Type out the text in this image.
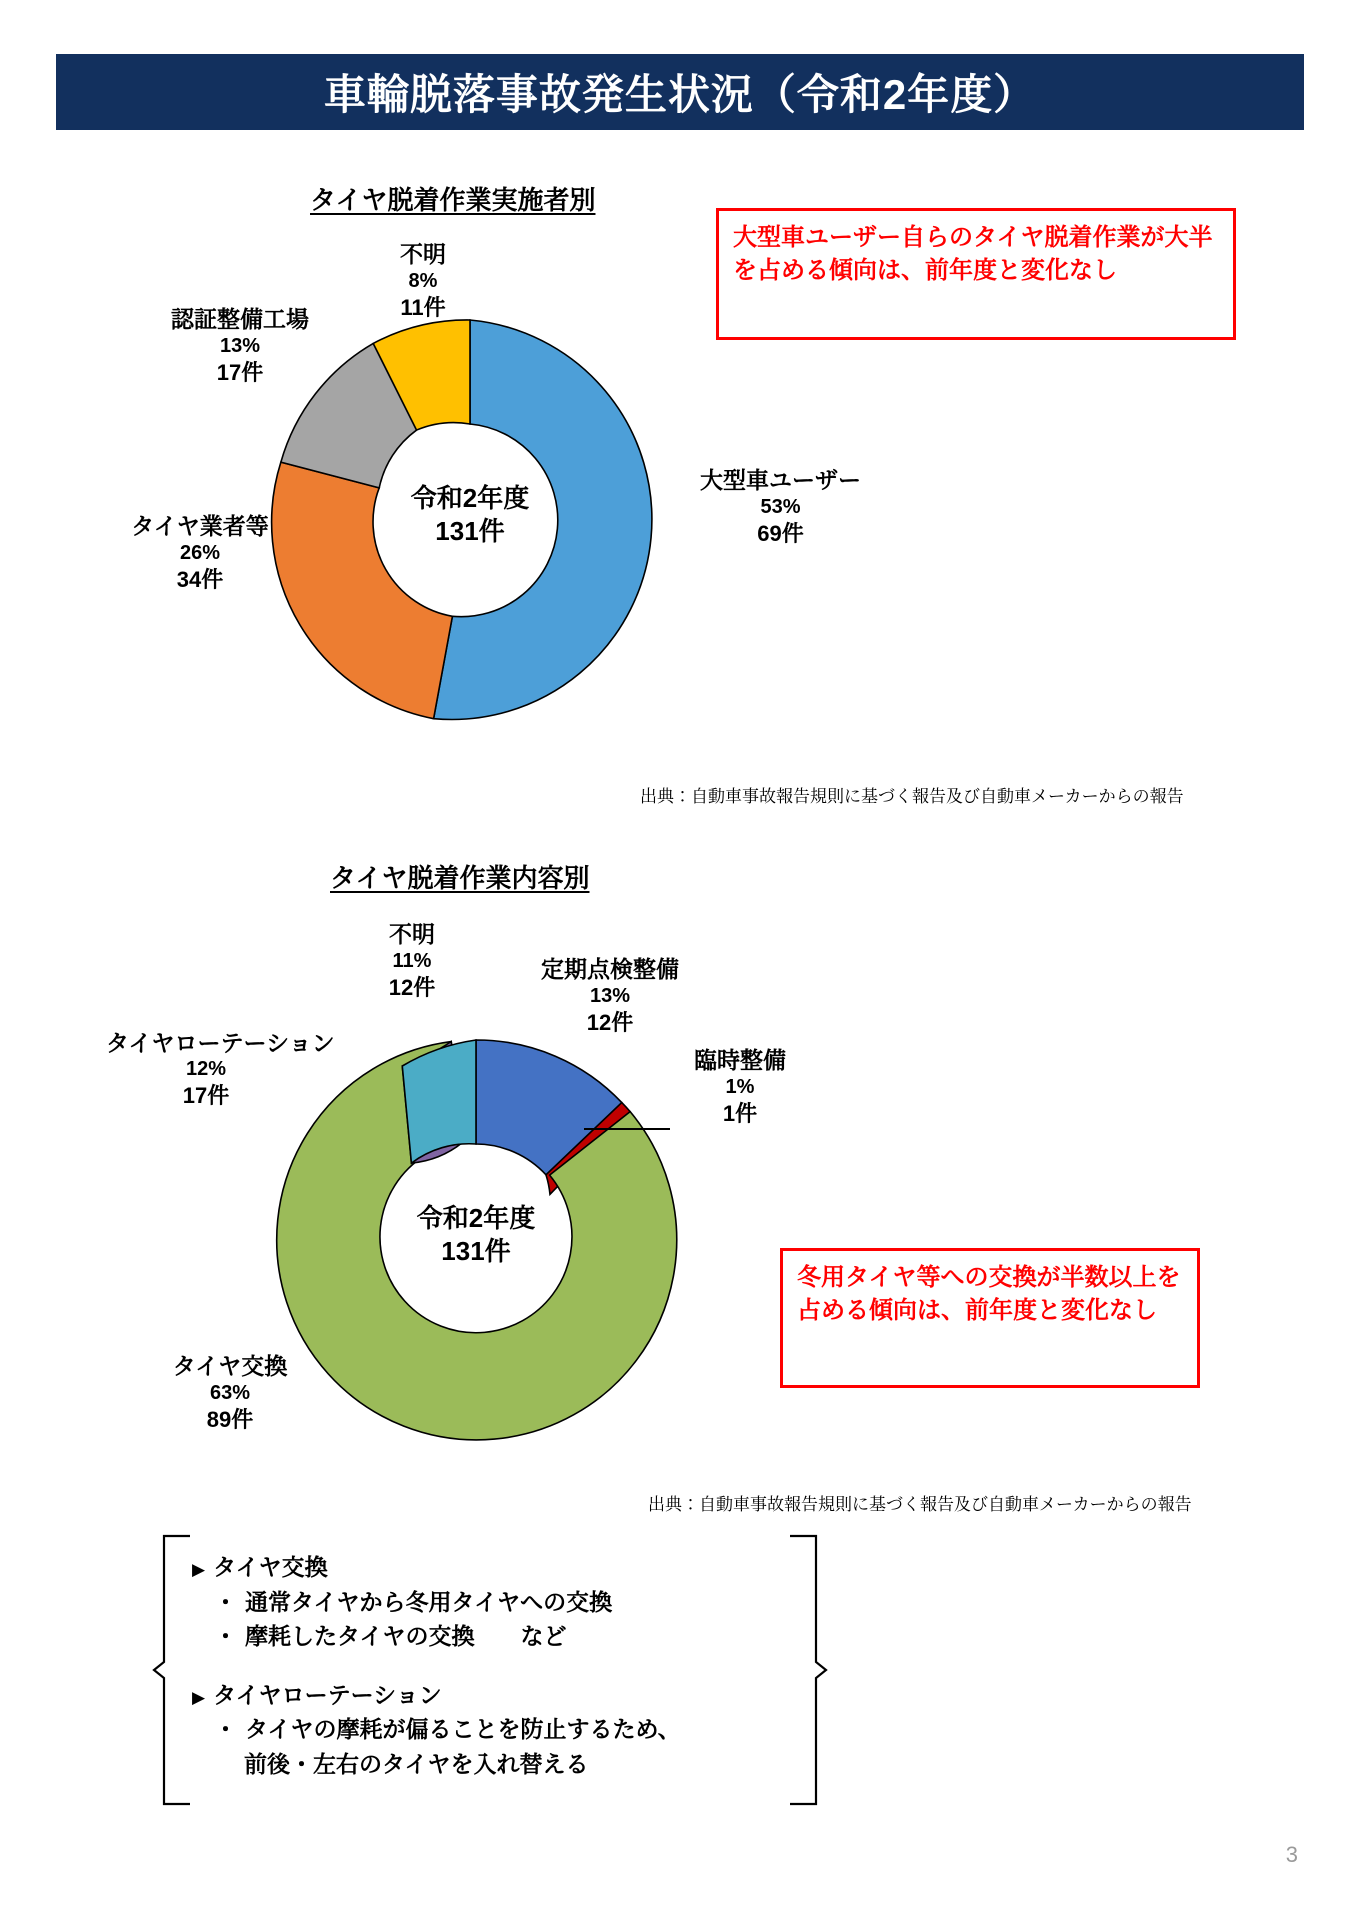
車輪脱落事故発生状況（令和2年度）
タイヤ脱着作業実施者別
大型車ユーザー自らのタイヤ脱着作業が大半を占める傾向は、前年度と変化なし
令和2年度
131件
大型車ユーザー
53%
69件
タイヤ業者等
26%
34件
認証整備工場
13%
17件
不明
8%
11件
出典：自動車事故報告規則に基づく報告及び自動車メーカーからの報告
タイヤ脱着作業内容別
冬用タイヤ等への交換が半数以上を占める傾向は、前年度と変化なし
令和2年度
131件
定期点検整備
13%
12件
臨時整備
1%
1件
タイヤ交換
63%
89件
タイヤローテーション
12%
17件
不明
11%
12件
出典：自動車事故報告規則に基づく報告及び自動車メーカーからの報告
▶ タイヤ交換
・ 通常タイヤから冬用タイヤへの交換
・ 摩耗したタイヤの交換　　など
▶ タイヤローテーション
・ タイヤの摩耗が偏ることを防止するため、
前後・左右のタイヤを入れ替える
3
